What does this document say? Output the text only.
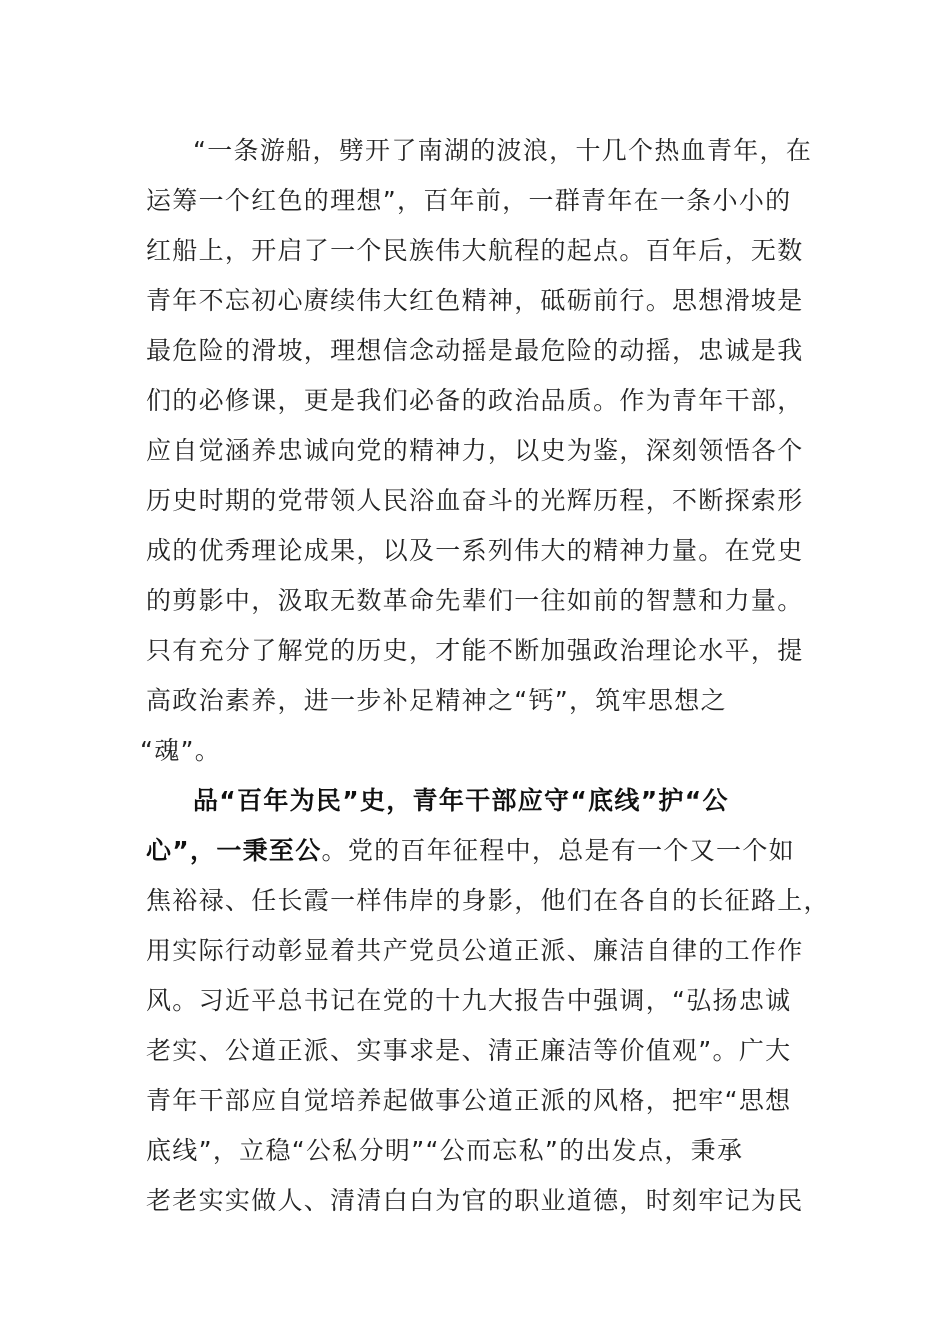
“一条游船，劈开了南湖的波浪，十几个热血青年，在
运筹一个红色的理想”，百年前，一群青年在一条小小的
红船上，开启了一个民族伟大航程的起点。百年后，无数
青年不忘初心赓续伟大红色精神，砥砺前行。思想滑坡是
最危险的滑坡，理想信念动摇是最危险的动摇，忠诚是我
们的必修课，更是我们必备的政治品质。作为青年干部，
应自觉涵养忠诚向党的精神力，以史为鉴，深刻领悟各个
历史时期的党带领人民浴血奋斗的光辉历程，不断探索形
成的优秀理论成果，以及一系列伟大的精神力量。在党史
的剪影中，汲取无数革命先辈们一往如前的智慧和力量。
只有充分了解党的历史，才能不断加强政治理论水平，提
高政治素养，进一步补足精神之“钙”，筑牢思想之
“魂”。
品“百年为民”史，青年干部应守“底线”护“公
心”，一秉至公。党的百年征程中，总是有一个又一个如
焦裕禄、任长霞一样伟岸的身影，他们在各自的长征路上，
用实际行动彰显着共产党员公道正派、廉洁自律的工作作
风。习近平总书记在党的十九大报告中强调，“弘扬忠诚
老实、公道正派、实事求是、清正廉洁等价值观”。广大
青年干部应自觉培养起做事公道正派的风格，把牢“思想
底线”，立稳“公私分明”“公而忘私”的出发点，秉承
老老实实做人、清清白白为官的职业道德，时刻牢记为民
